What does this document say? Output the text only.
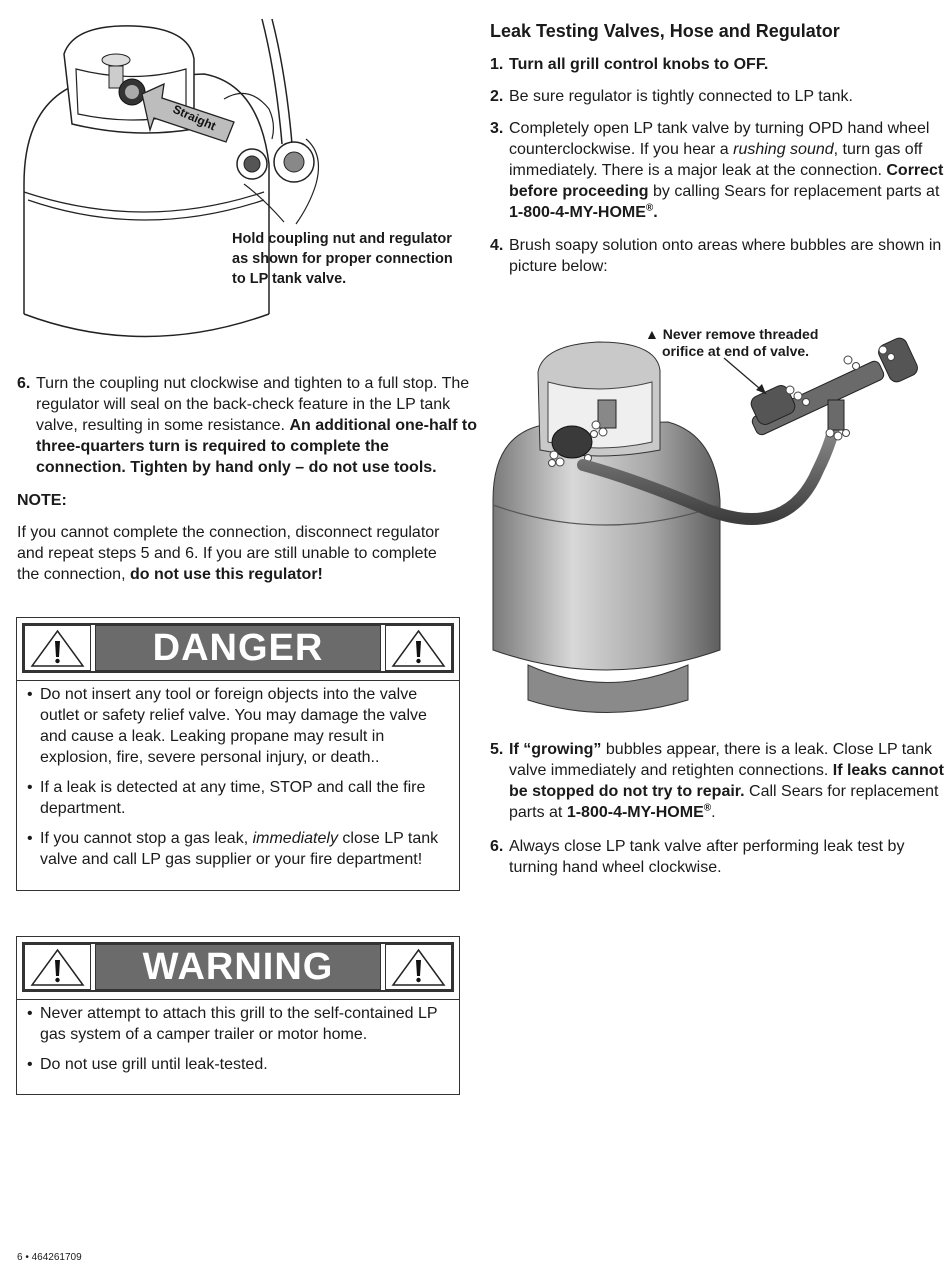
Straight

Hold coupling nut and regulator as shown for proper connection to LP tank valve.

6. Turn the coupling nut clockwise and tighten to a full stop. The regulator will seal on the back-check feature in the LP tank valve, resulting in some resistance. An additional one-half to three-quarters turn is required to complete the connection. Tighten by hand only – do not use tools.

NOTE:

If you cannot complete the connection, disconnect regulator and repeat steps 5 and 6. If you are still unable to complete the connection, do not use this regulator!

DANGER
• Do not insert any tool or foreign objects into the valve outlet or safety relief valve. You may damage the valve and cause a leak. Leaking propane may result in explosion, fire, severe personal injury, or death..
• If a leak is detected at any time, STOP and call the fire department.
• If you cannot stop a gas leak, immediately close LP tank valve and call LP gas supplier or your fire department!
WARNING
• Never attempt to attach this grill to the self-contained LP gas system of a camper trailer or motor home.
• Do not use grill until leak-tested.
Leak Testing Valves, Hose and Regulator
1. Turn all grill control knobs to OFF.
2. Be sure regulator is tightly connected to LP tank.
3. Completely open LP tank valve by turning OPD hand wheel counterclockwise. If you hear a rushing sound, turn gas off immediately. There is a major leak at the connection. Correct before proceeding by calling Sears for replacement parts at 1-800-4-MY-HOME®.
4. Brush soapy solution onto areas where bubbles are shown in picture below:
▲ Never remove threaded
orifice at end of valve.
5. If “growing” bubbles appear, there is a leak. Close LP tank valve immediately and retighten connections. If leaks cannot be stopped do not try to repair. Call Sears for replacement parts at 1-800-4-MY-HOME®.
6. Always close LP tank valve after performing leak test by turning hand wheel clockwise.
6 • 464261709
